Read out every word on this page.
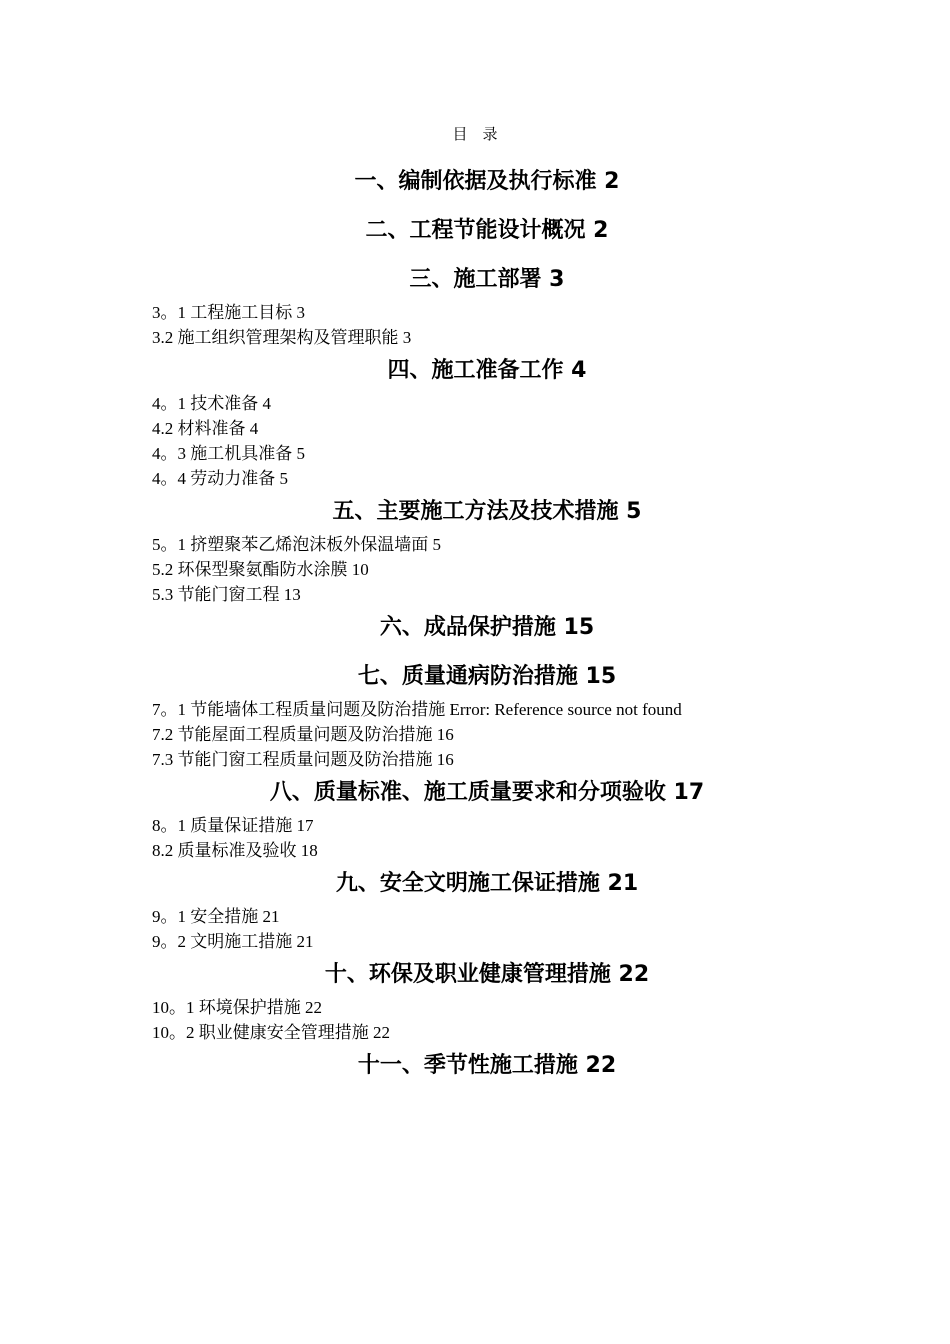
目　录
一、编制依据及执行标准 2
二、工程节能设计概况 2
三、施工部署 3
3。1 工程施工目标 3
3.2 施工组织管理架构及管理职能 3
四、施工准备工作 4
4。1 技术准备 4
4.2 材料准备 4
4。3 施工机具准备 5
4。4 劳动力准备 5
五、主要施工方法及技术措施 5
5。1 挤塑聚苯乙烯泡沫板外保温墙面 5
5.2 环保型聚氨酯防水涂膜 10
5.3 节能门窗工程 13
六、成品保护措施 15
七、质量通病防治措施 15
7。1 节能墙体工程质量问题及防治措施 Error: Reference source not found
7.2 节能屋面工程质量问题及防治措施 16
7.3 节能门窗工程质量问题及防治措施 16
八、质量标准、施工质量要求和分项验收 17
8。1 质量保证措施 17
8.2 质量标准及验收 18
九、安全文明施工保证措施 21
9。1 安全措施 21
9。2 文明施工措施 21
十、环保及职业健康管理措施 22
10。1 环境保护措施 22
10。2 职业健康安全管理措施 22
十一、季节性施工措施 22
